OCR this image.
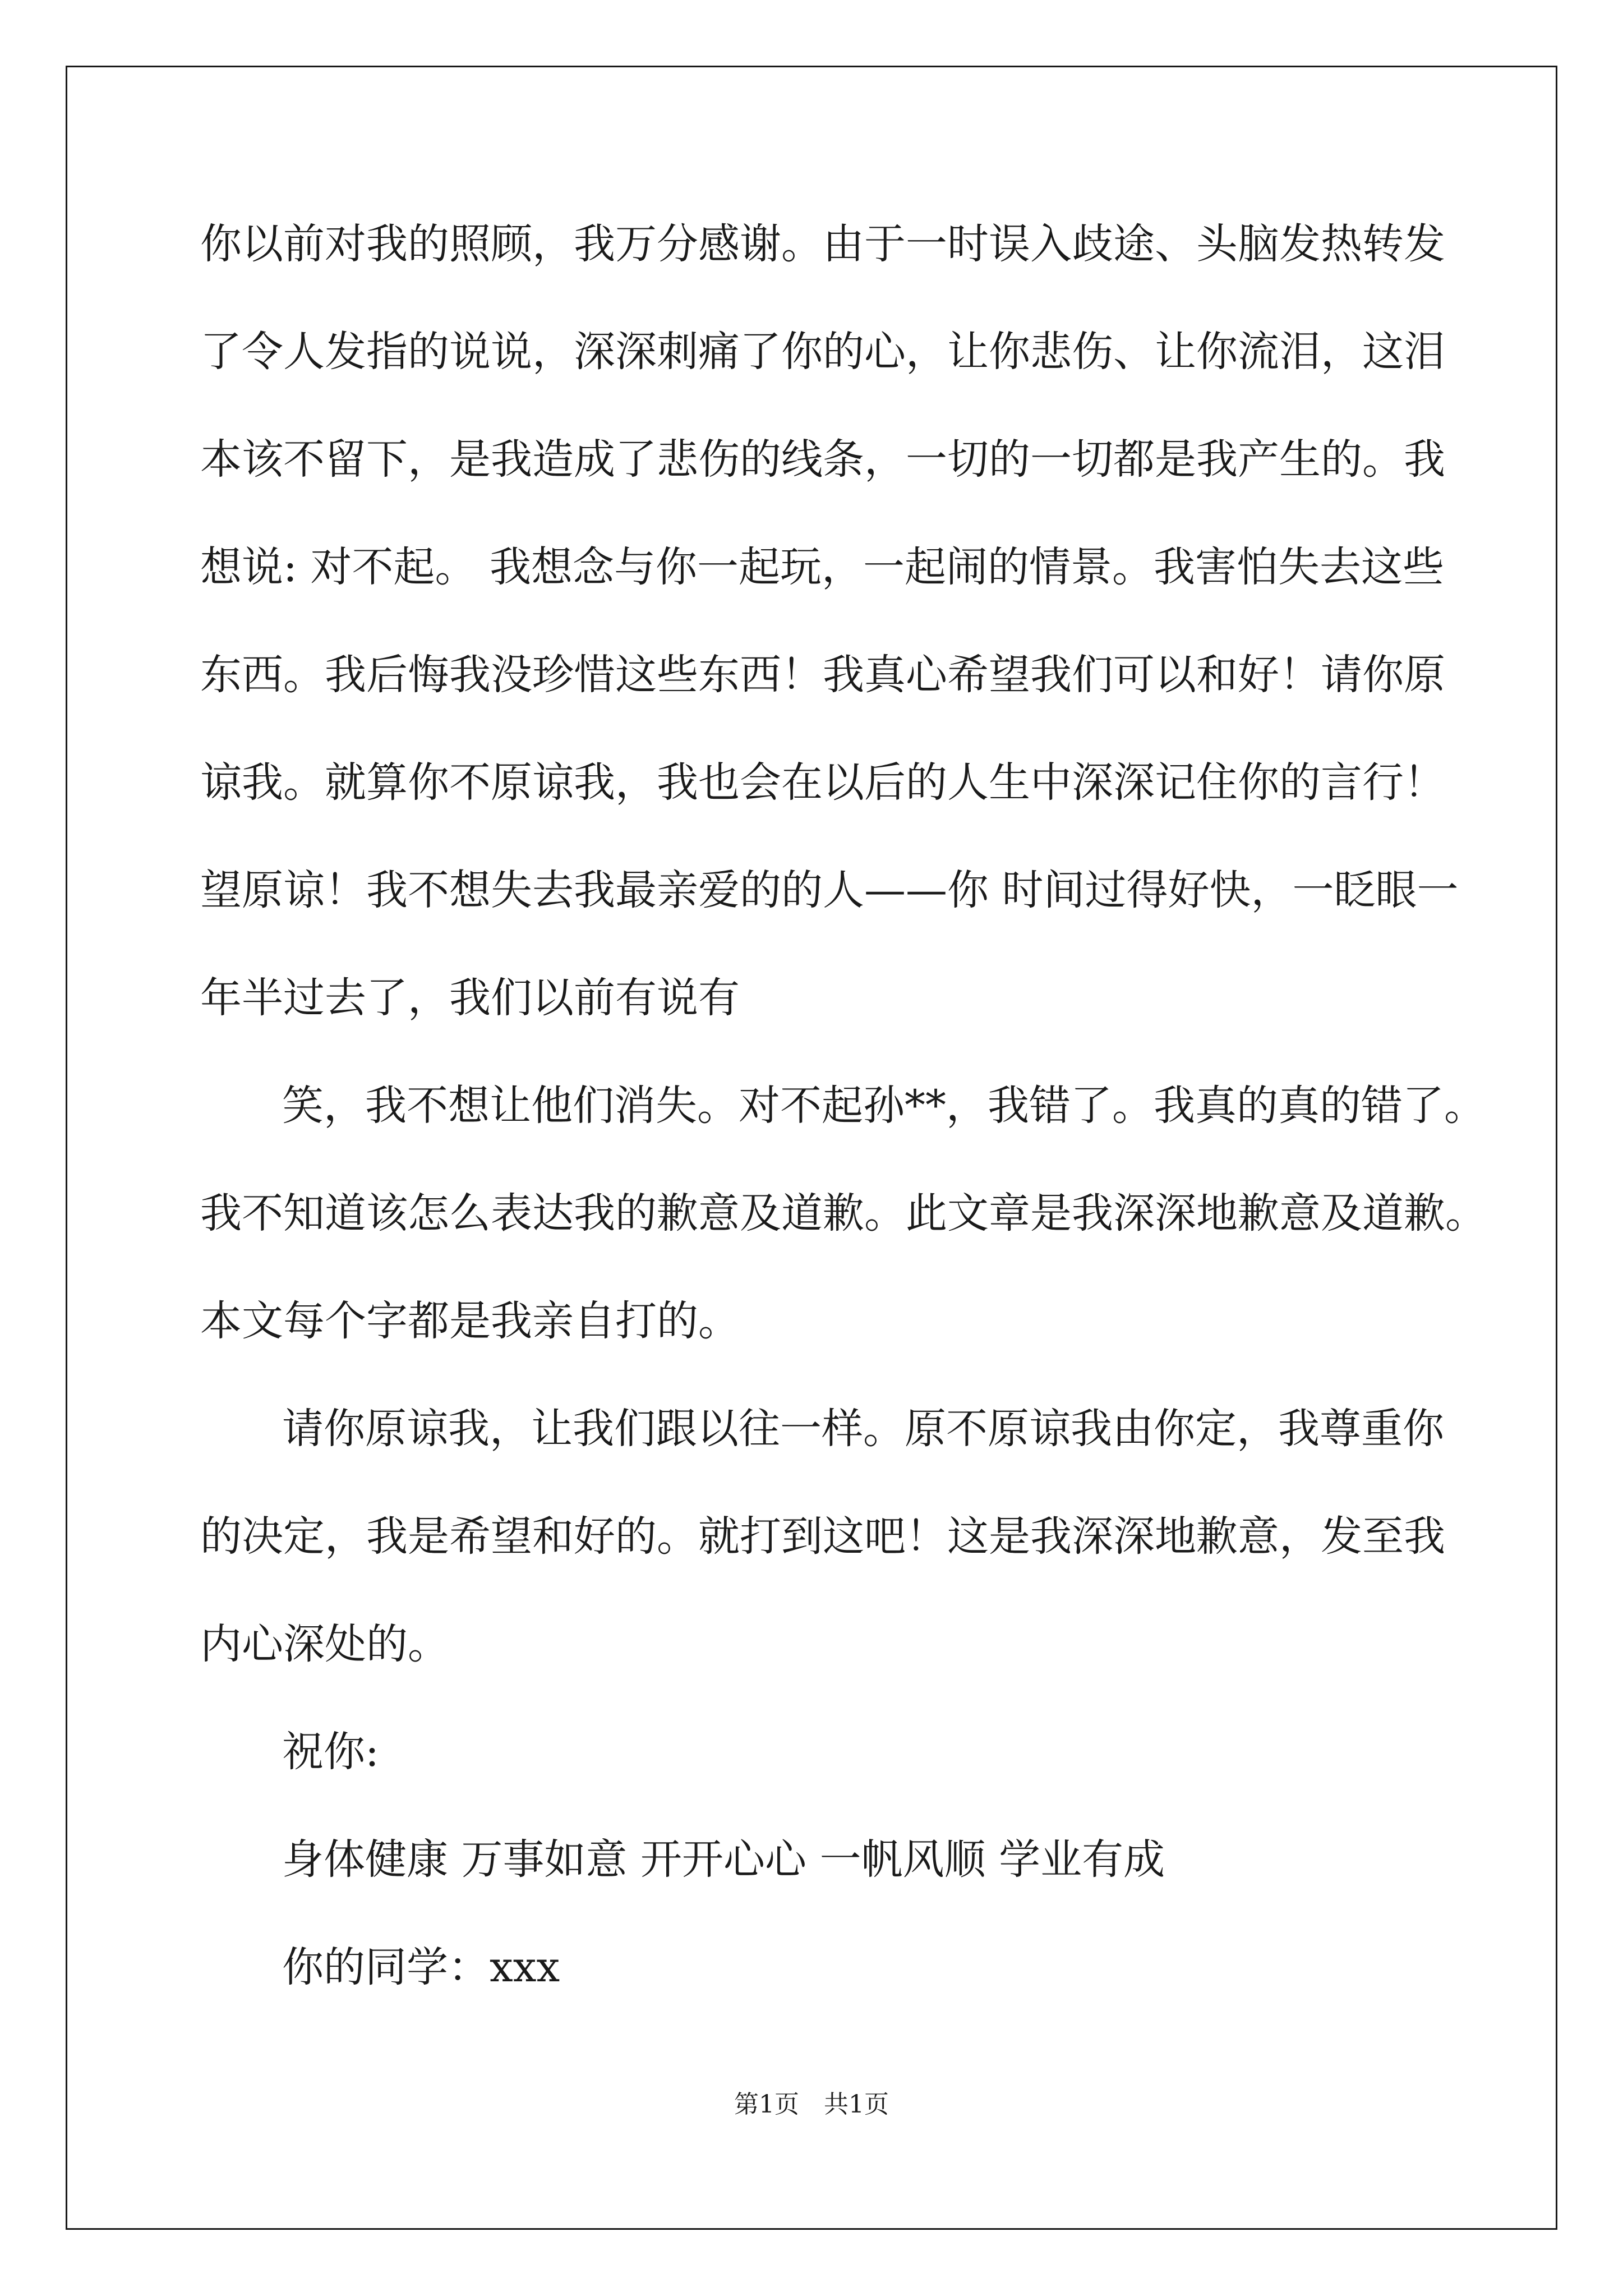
你以前对我的照顾，我万分感谢。由于一时误入歧途、头脑发热转发
了令人发指的说说，深深刺痛了你的心，让你悲伤、让你流泪，这泪
本该不留下，是我造成了悲伤的线条，一切的一切都是我产生的。我
想说: 对不起。 我想念与你一起玩，一起闹的情景。我害怕失去这些
东西。我后悔我没珍惜这些东西！我真心希望我们可以和好！请你原
谅我。就算你不原谅我，我也会在以后的人生中深深记住你的言行！
望原谅！我不想失去我最亲爱的的人——你 时间过得好快，一眨眼一
年半过去了，我们以前有说有
笑，我不想让他们消失。对不起孙**，我错了。我真的真的错了。
我不知道该怎么表达我的歉意及道歉。此文章是我深深地歉意及道歉。
本文每个字都是我亲自打的。
请你原谅我，让我们跟以往一样。原不原谅我由你定，我尊重你
的决定，我是希望和好的。就打到这吧！这是我深深地歉意，发至我
内心深处的。
祝你:
身体健康 万事如意 开开心心 一帆风顺 学业有成
你的同学：xxx
第1页　共1页
